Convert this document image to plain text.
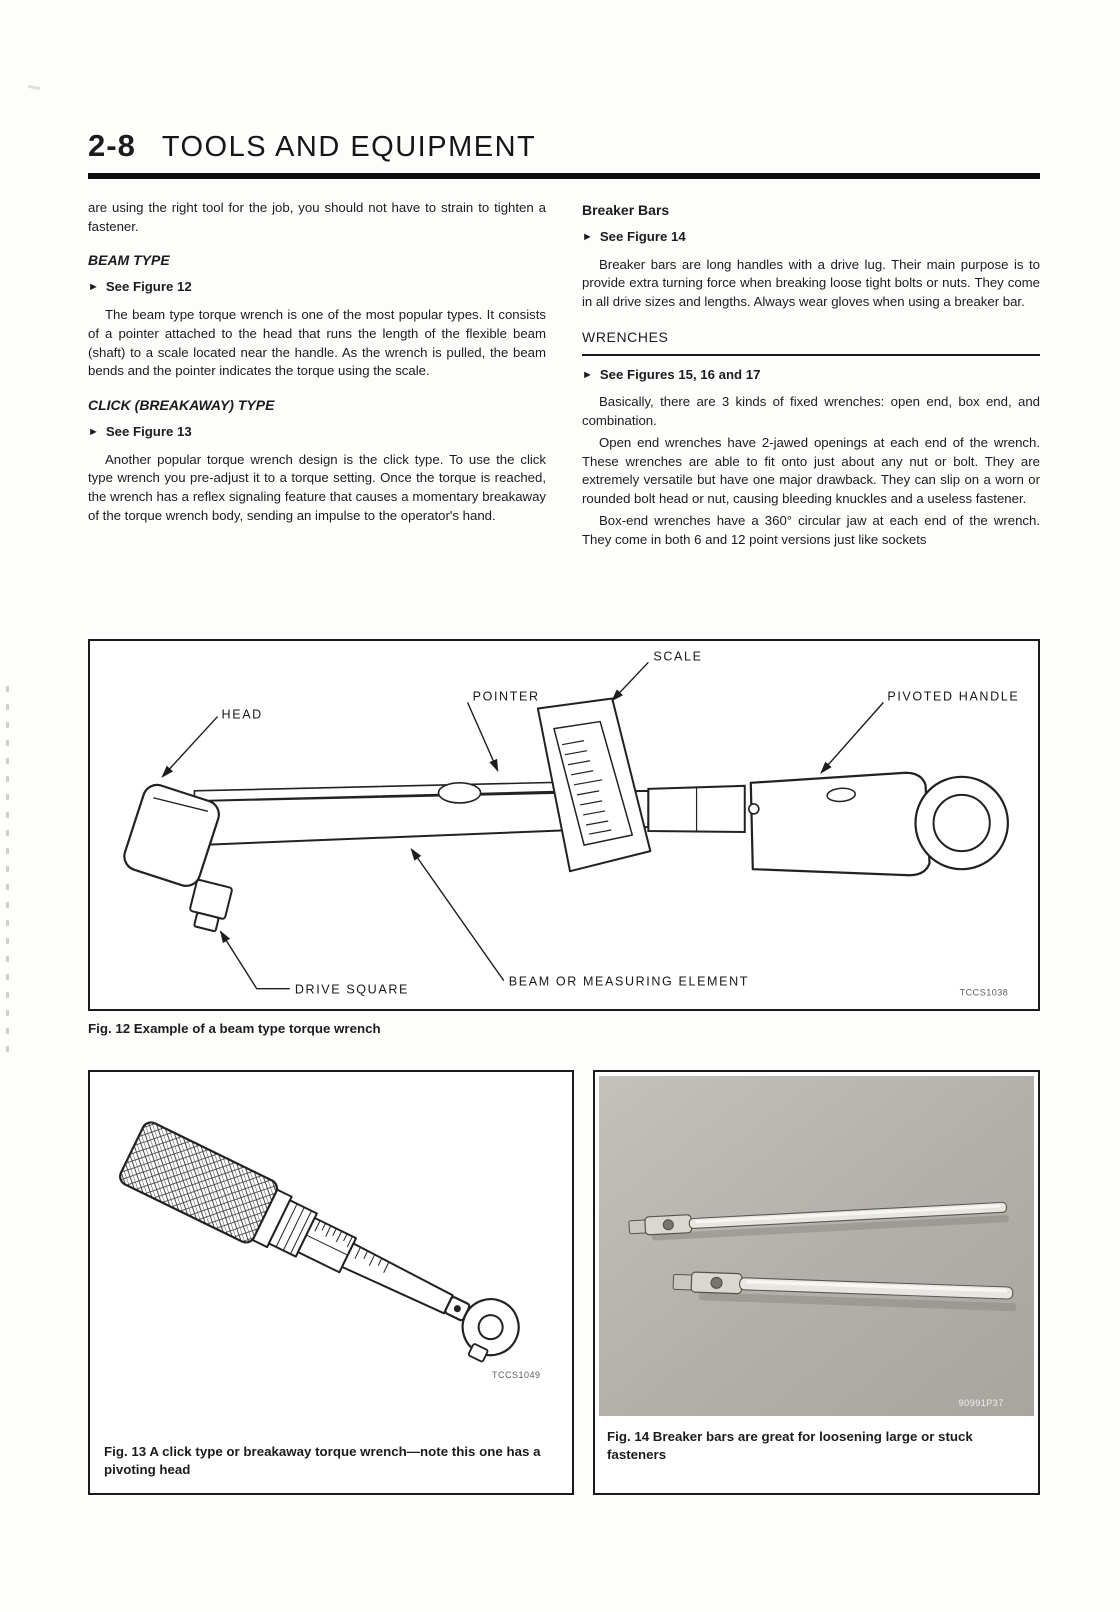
2-8 TOOLS AND EQUIPMENT

are using the right tool for the job, you should not have to strain to tighten a fastener.

BEAM TYPE
► See Figure 12

The beam type torque wrench is one of the most popular types. It consists of a pointer attached to the head that runs the length of the flexible beam (shaft) to a scale located near the handle. As the wrench is pulled, the beam bends and the pointer indicates the torque using the scale.

CLICK (BREAKAWAY) TYPE
► See Figure 13

Another popular torque wrench design is the click type. To use the click type wrench you pre-adjust it to a torque setting. Once the torque is reached, the wrench has a reflex signaling feature that causes a momentary breakaway of the torque wrench body, sending an impulse to the operator's hand.

Breaker Bars
► See Figure 14

Breaker bars are long handles with a drive lug. Their main purpose is to provide extra turning force when breaking loose tight bolts or nuts. They come in all drive sizes and lengths. Always wear gloves when using a breaker bar.

WRENCHES
► See Figures 15, 16 and 17

Basically, there are 3 kinds of fixed wrenches: open end, box end, and combination.

Open end wrenches have 2-jawed openings at each end of the wrench. These wrenches are able to fit onto just about any nut or bolt. They are extremely versatile but have one major drawback. They can slip on a worn or rounded bolt head or nut, causing bleeding knuckles and a useless fastener.

Box-end wrenches have a 360° circular jaw at each end of the wrench. They come in both 6 and 12 point versions just like sockets

HEAD
POINTER
SCALE
PIVOTED HANDLE
DRIVE SQUARE
BEAM OR MEASURING ELEMENT
TCCS1038
Fig. 12 Example of a beam type torque wrench
TCCS1049
Fig. 13 A click type or breakaway torque wrench—note this one has a pivoting head
90991P37
Fig. 14 Breaker bars are great for loosening large or stuck fasteners
